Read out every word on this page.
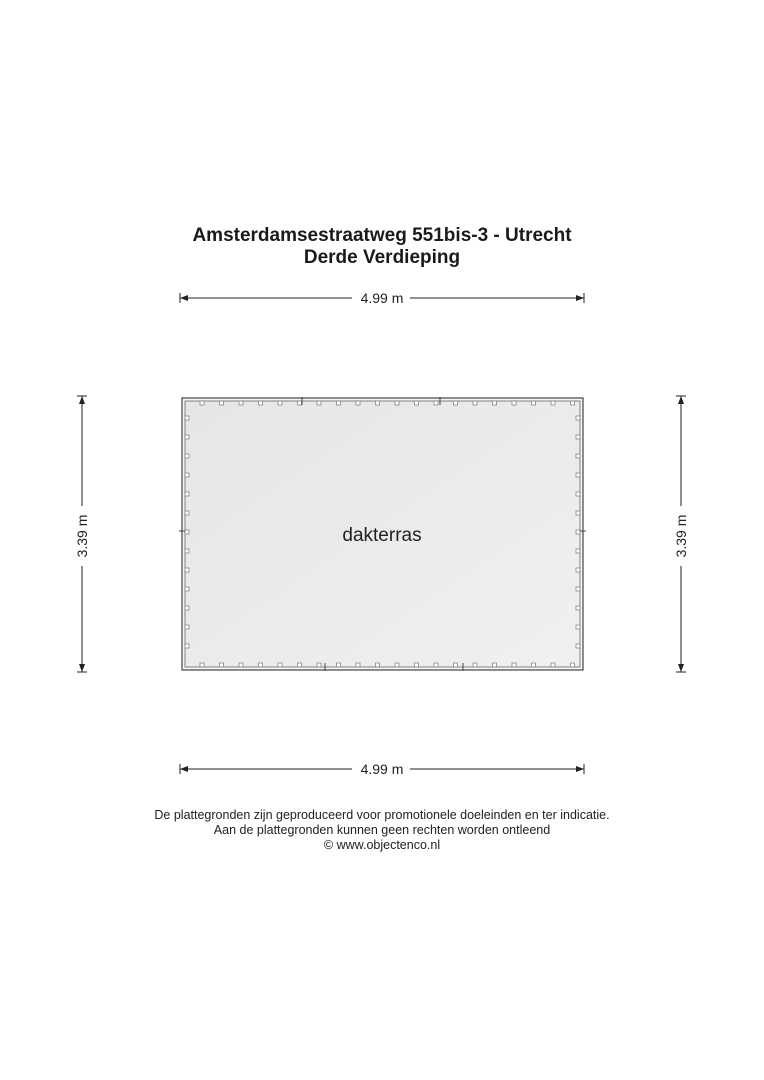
Amsterdamsestraatweg 551bis-3 - Utrecht
Derde Verdieping
4.99 m
4.99 m
3.39 m	3.39 m
dakterras
De plattegronden zijn geproduceerd voor promotionele doeleinden en ter indicatie.
Aan de plattegronden kunnen geen rechten worden ontleend
© www.objectenco.nl
